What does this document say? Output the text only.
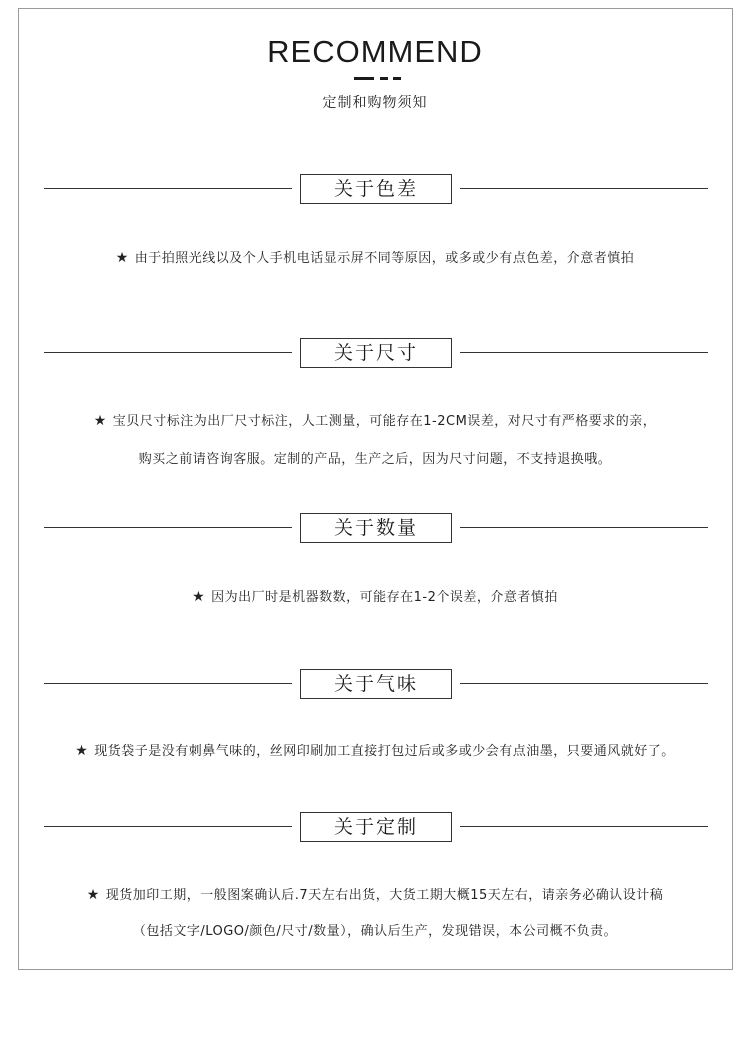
RECOMMEND
定制和购物须知
关于色差
★ 由于拍照光线以及个人手机电话显示屏不同等原因，或多或少有点色差，介意者慎拍
关于尺寸
★ 宝贝尺寸标注为出厂尺寸标注，人工测量，可能存在1-2CM误差，对尺寸有严格要求的亲，
购买之前请咨询客服。定制的产品，生产之后，因为尺寸问题，不支持退换哦。
关于数量
★ 因为出厂时是机器数数，可能存在1-2个误差，介意者慎拍
关于气味
★ 现货袋子是没有刺鼻气味的，丝网印刷加工直接打包过后或多或少会有点油墨，只要通风就好了。
关于定制
★ 现货加印工期，一般图案确认后.7天左右出货，大货工期大概15天左右，请亲务必确认设计稿
（包括文字/LOGO/颜色/尺寸/数量），确认后生产，发现错误，本公司概不负责。
